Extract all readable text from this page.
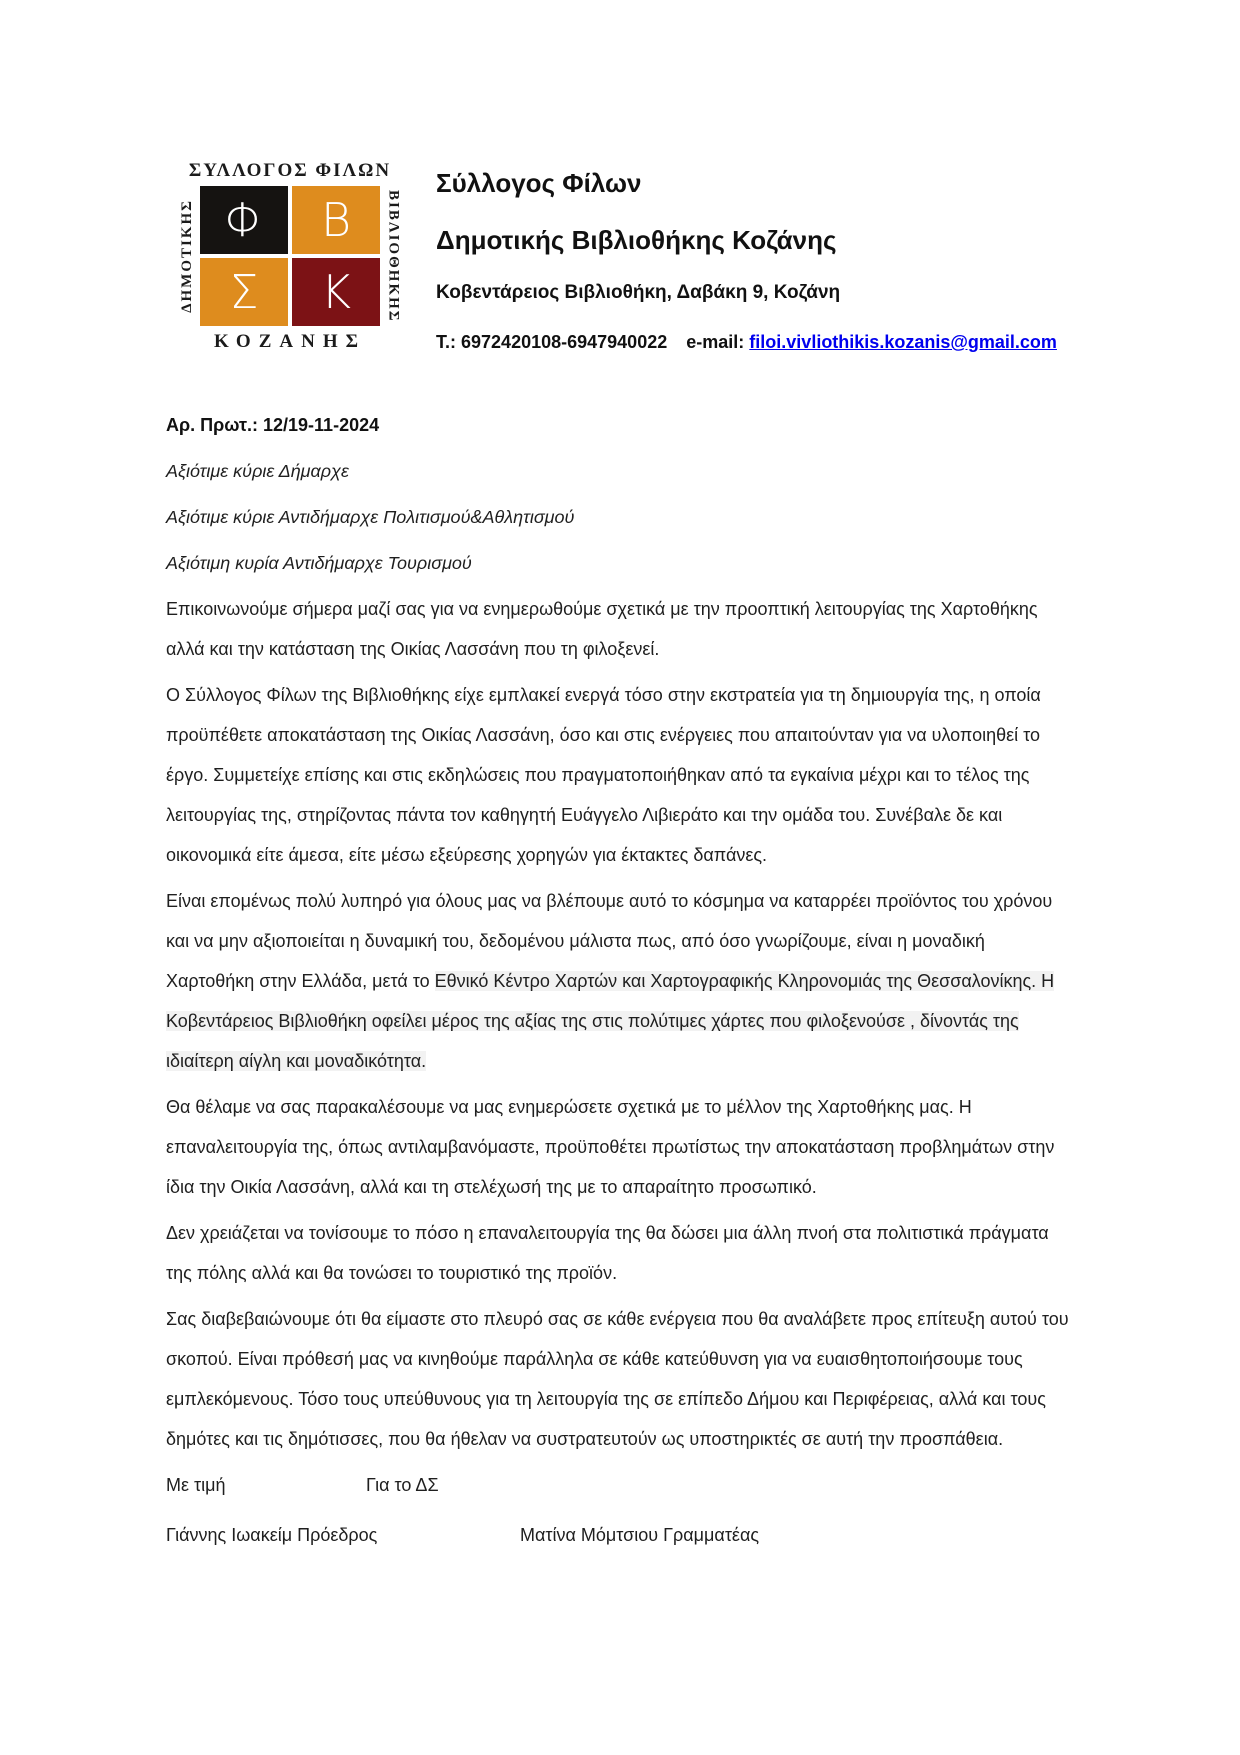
ΣΥΛΛΟΓΟΣ ΦΙΛΩΝ
ΔΗΜΟΤΙΚΗΣ Φ Β
Σ Κ ΒΙΒΛΙΟΘΗΚΗΣ
ΚΟΖΑΝΗΣ

Σύλλογος Φίλων

Δημοτικής Βιβλιοθήκης Κοζάνης

Κοβεντάρειος Βιβλιοθήκη, Δαβάκη 9, Κοζάνη

Τ.: 6972420108-6947940022 e-mail: filoi.vivliothikis.kozanis@gmail.com

Αρ. Πρωτ.: 12/19-11-2024

Αξιότιμε κύριε Δήμαρχε

Αξιότιμε κύριε Αντιδήμαρχε Πολιτισμού&Αθλητισμού

Αξιότιμη κυρία Αντιδήμαρχε Τουρισμού

Επικοινωνούμε σήμερα μαζί σας για να ενημερωθούμε σχετικά με την προοπτική λειτουργίας της Χαρτοθήκης αλλά και την κατάσταση της Οικίας Λασσάνη που τη φιλοξενεί.

Ο Σύλλογος Φίλων της Βιβλιοθήκης είχε εμπλακεί ενεργά τόσο στην εκστρατεία για τη δημιουργία της, η οποία προϋπέθετε αποκατάσταση της Οικίας Λασσάνη, όσο και στις ενέργειες που απαιτούνταν για να υλοποιηθεί το έργο. Συμμετείχε επίσης και στις εκδηλώσεις που πραγματοποιήθηκαν από τα εγκαίνια μέχρι και το τέλος της λειτουργίας της, στηρίζοντας πάντα τον καθηγητή Ευάγγελο Λιβιεράτο και την ομάδα του. Συνέβαλε δε και οικονομικά είτε άμεσα, είτε μέσω εξεύρεσης χορηγών για έκτακτες δαπάνες.

Είναι επομένως πολύ λυπηρό για όλους μας να βλέπουμε αυτό το κόσμημα να καταρρέει προϊόντος του χρόνου και να μην αξιοποιείται η δυναμική του, δεδομένου μάλιστα πως, από όσο γνωρίζουμε, είναι η μοναδική Χαρτοθήκη στην Ελλάδα, μετά το Εθνικό Κέντρο Χαρτών και Χαρτογραφικής Κληρονομιάς της Θεσσαλονίκης. Η Κοβεντάρειος Βιβλιοθήκη οφείλει μέρος της αξίας της στις πολύτιμες χάρτες που φιλοξενούσε , δίνοντάς της ιδιαίτερη αίγλη και μοναδικότητα.

Θα θέλαμε να σας παρακαλέσουμε να μας ενημερώσετε σχετικά με το μέλλον της Χαρτοθήκης μας. Η επαναλειτουργία της, όπως αντιλαμβανόμαστε, προϋποθέτει πρωτίστως την αποκατάσταση προβλημάτων στην ίδια την Οικία Λασσάνη, αλλά και τη στελέχωσή της με το απαραίτητο προσωπικό.

Δεν χρειάζεται να τονίσουμε το πόσο η επαναλειτουργία της θα δώσει μια άλλη πνοή στα πολιτιστικά πράγματα της πόλης αλλά και θα τονώσει το τουριστικό της προϊόν.

Σας διαβεβαιώνουμε ότι θα είμαστε στο πλευρό σας σε κάθε ενέργεια που θα αναλάβετε προς επίτευξη αυτού του σκοπού. Είναι πρόθεσή μας να κινηθούμε παράλληλα σε κάθε κατεύθυνση για να ευαισθητοποιήσουμε τους εμπλεκόμενους. Τόσο τους υπεύθυνους για τη λειτουργία της σε επίπεδο Δήμου και Περιφέρειας, αλλά και τους δημότες και τις δημότισσες, που θα ήθελαν να συστρατευτούν ως υποστηρικτές σε αυτή την προσπάθεια.

Με τιμή	Για το ΔΣ
Γιάννης Ιωακείμ Πρόεδρος	Ματίνα Μόμτσιου Γραμματέας
